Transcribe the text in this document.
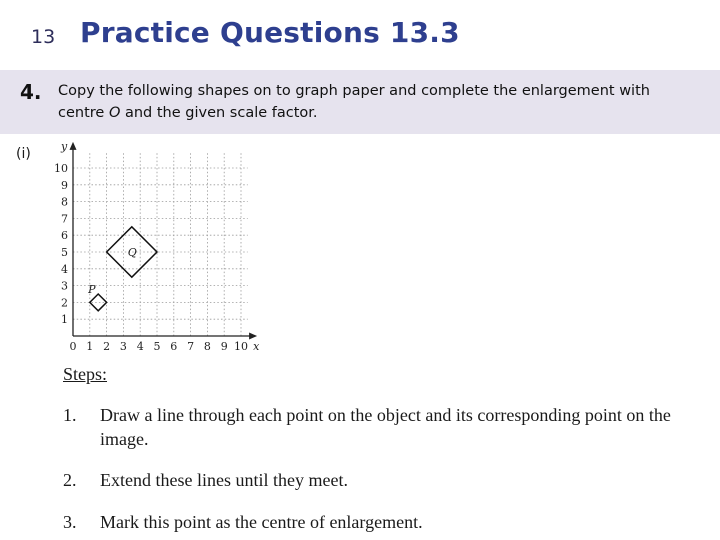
13 Practice Questions 13.3
4. Copy the following shapes on to graph paper and complete the enlargement with centre O and the given scale factor.
(i)
0 1 2 3 4 5 6 7 8 9 10
1
2
3
4
5
6
7
8
9
10
x
y
P
Q
Steps:
1. Draw a line through each point on the object and its corresponding point on the image.
2. Extend these lines until they meet.
3. Mark this point as the centre of enlargement.
